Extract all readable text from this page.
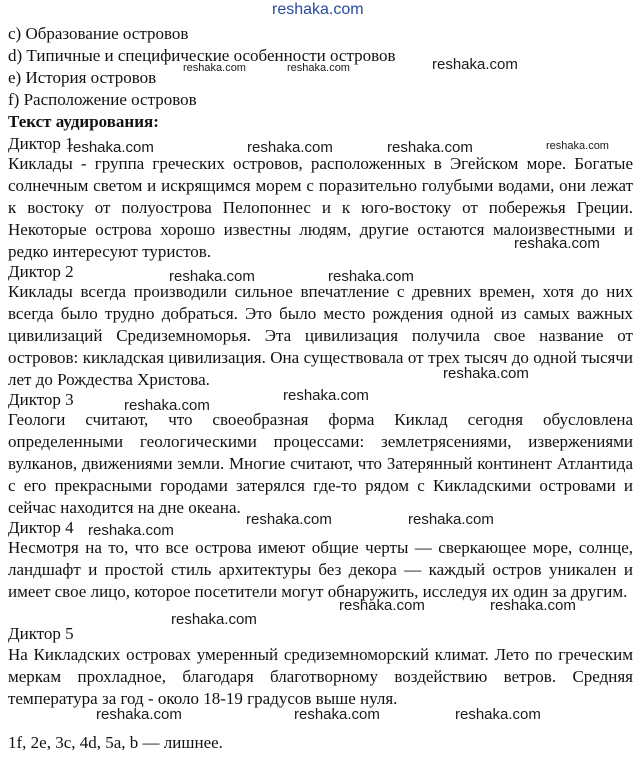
c) Образование островов
d) Типичные и специфические особенности островов
e) История островов
f) Расположение островов
Текст аудирования:
Диктор 1
Киклады - группа греческих островов, расположенных в Эгейском море. Богатые солнечным светом и искрящимся морем с поразительно голубыми водами, они лежат к востоку от полуострова Пелопоннес и к юго-востоку от побережья Греции. Некоторые острова хорошо известны людям, другие остаются малоизвестными и редко интересуют туристов.
Диктор 2
Киклады всегда производили сильное впечатление с древних времен, хотя до них всегда было трудно добраться. Это было место рождения одной из самых важных цивилизаций Средиземноморья. Эта цивилизация получила свое название от островов: кикладская цивилизация. Она существовала от трех тысяч до одной тысячи лет до Рождества Христова.
Диктор 3
Геологи считают, что своеобразная форма Киклад сегодня обусловлена определенными геологическими процессами: землетрясениями, извержениями вулканов, движениями земли. Многие считают, что Затерянный континент Атлантида с его прекрасными городами затерялся где-то рядом с Кикладскими островами и сейчас находится на дне океана.
Диктор 4
Несмотря на то, что все острова имеют общие черты — сверкающее море, солнце, ландшафт и простой стиль архитектуры без декора — каждый остров уникален и имеет свое лицо, которое посетители могут обнаружить, исследуя их один за другим.
Диктор 5
На Кикладских островах умеренный средиземноморский климат. Лето по греческим меркам прохладное, благодаря благотворному воздействию ветров. Средняя температура за год - около 18-19 градусов выше нуля.
1f, 2e, 3c, 4d, 5a, b — лишнее.
reshaka.com
reshaka.com	reshaka.com	reshaka.com
reshaka.com	reshaka.com	reshaka.com	reshaka.com
reshaka.com
reshaka.com	reshaka.com
reshaka.com
reshaka.com
reshaka.com
reshaka.com
reshaka.com	reshaka.com
reshaka.com	reshaka.com
reshaka.com
reshaka.com	reshaka.com	reshaka.com
